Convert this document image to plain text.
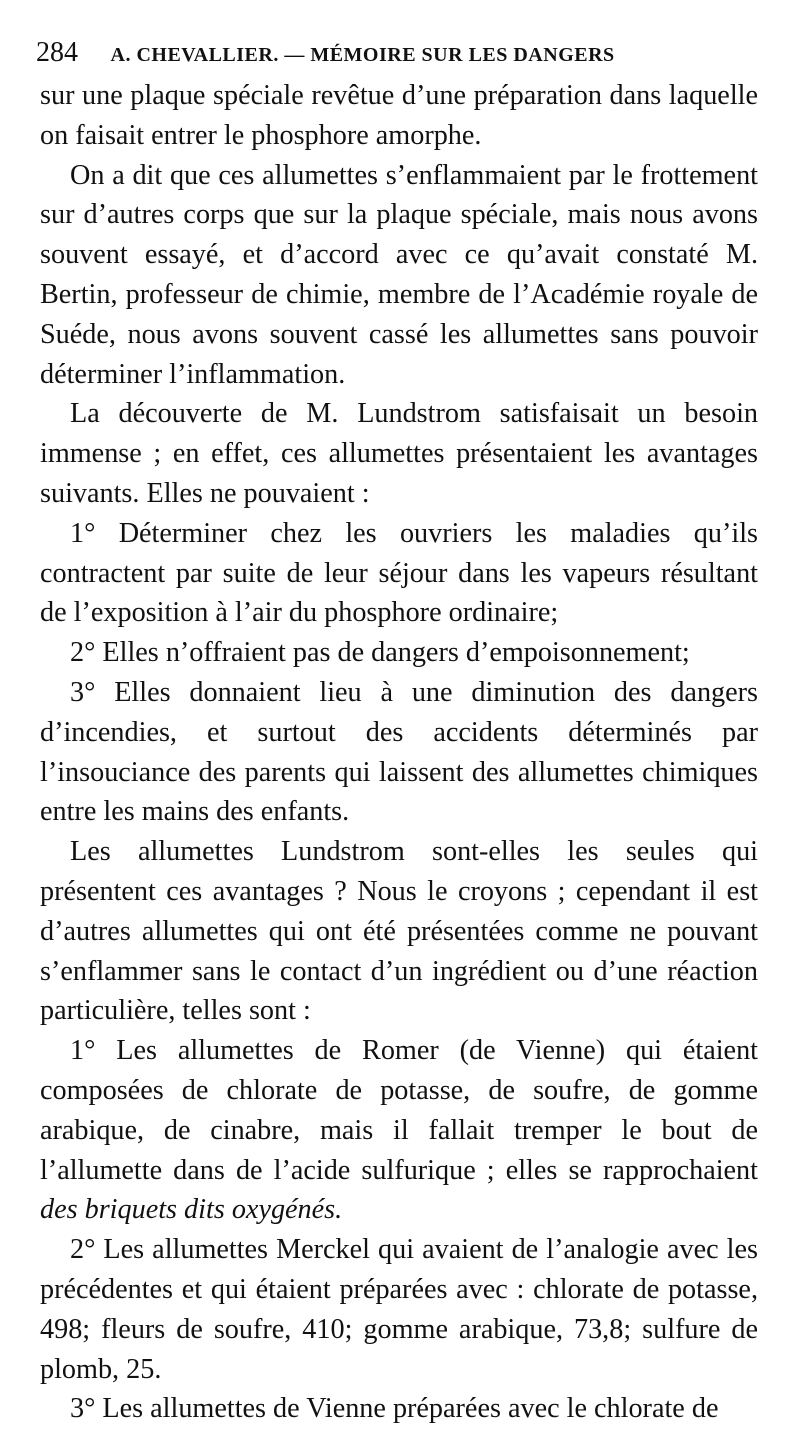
284 A. CHEVALLIER. — MÉMOIRE SUR LES DANGERS

sur une plaque spéciale revêtue d’une préparation dans laquelle on faisait entrer le phosphore amorphe.

On a dit que ces allumettes s’enflammaient par le frottement sur d’autres corps que sur la plaque spéciale, mais nous avons souvent essayé, et d’accord avec ce qu’avait constaté M. Bertin, professeur de chimie, membre de l’Académie royale de Suéde, nous avons souvent cassé les allumettes sans pouvoir déterminer l’inflammation.

La découverte de M. Lundstrom satisfaisait un besoin immense ; en effet, ces allumettes présentaient les avantages suivants. Elles ne pouvaient :

1° Déterminer chez les ouvriers les maladies qu’ils contractent par suite de leur séjour dans les vapeurs résultant de l’exposition à l’air du phosphore ordinaire;

2° Elles n’offraient pas de dangers d’empoisonnement;

3° Elles donnaient lieu à une diminution des dangers d’incendies, et surtout des accidents déterminés par l’insouciance des parents qui laissent des allumettes chimiques entre les mains des enfants.

Les allumettes Lundstrom sont-elles les seules qui présentent ces avantages ? Nous le croyons ; cependant il est d’autres allumettes qui ont été présentées comme ne pouvant s’enflammer sans le contact d’un ingrédient ou d’une réaction particulière, telles sont :

1° Les allumettes de Romer (de Vienne) qui étaient composées de chlorate de potasse, de soufre, de gomme arabique, de cinabre, mais il fallait tremper le bout de l’allumette dans de l’acide sulfurique ; elles se rapprochaient des briquets dits oxygénés.

2° Les allumettes Merckel qui avaient de l’analogie avec les précédentes et qui étaient préparées avec : chlorate de potasse, 498; fleurs de soufre, 410; gomme arabique, 73,8; sulfure de plomb, 25.

3° Les allumettes de Vienne préparées avec le chlorate de
